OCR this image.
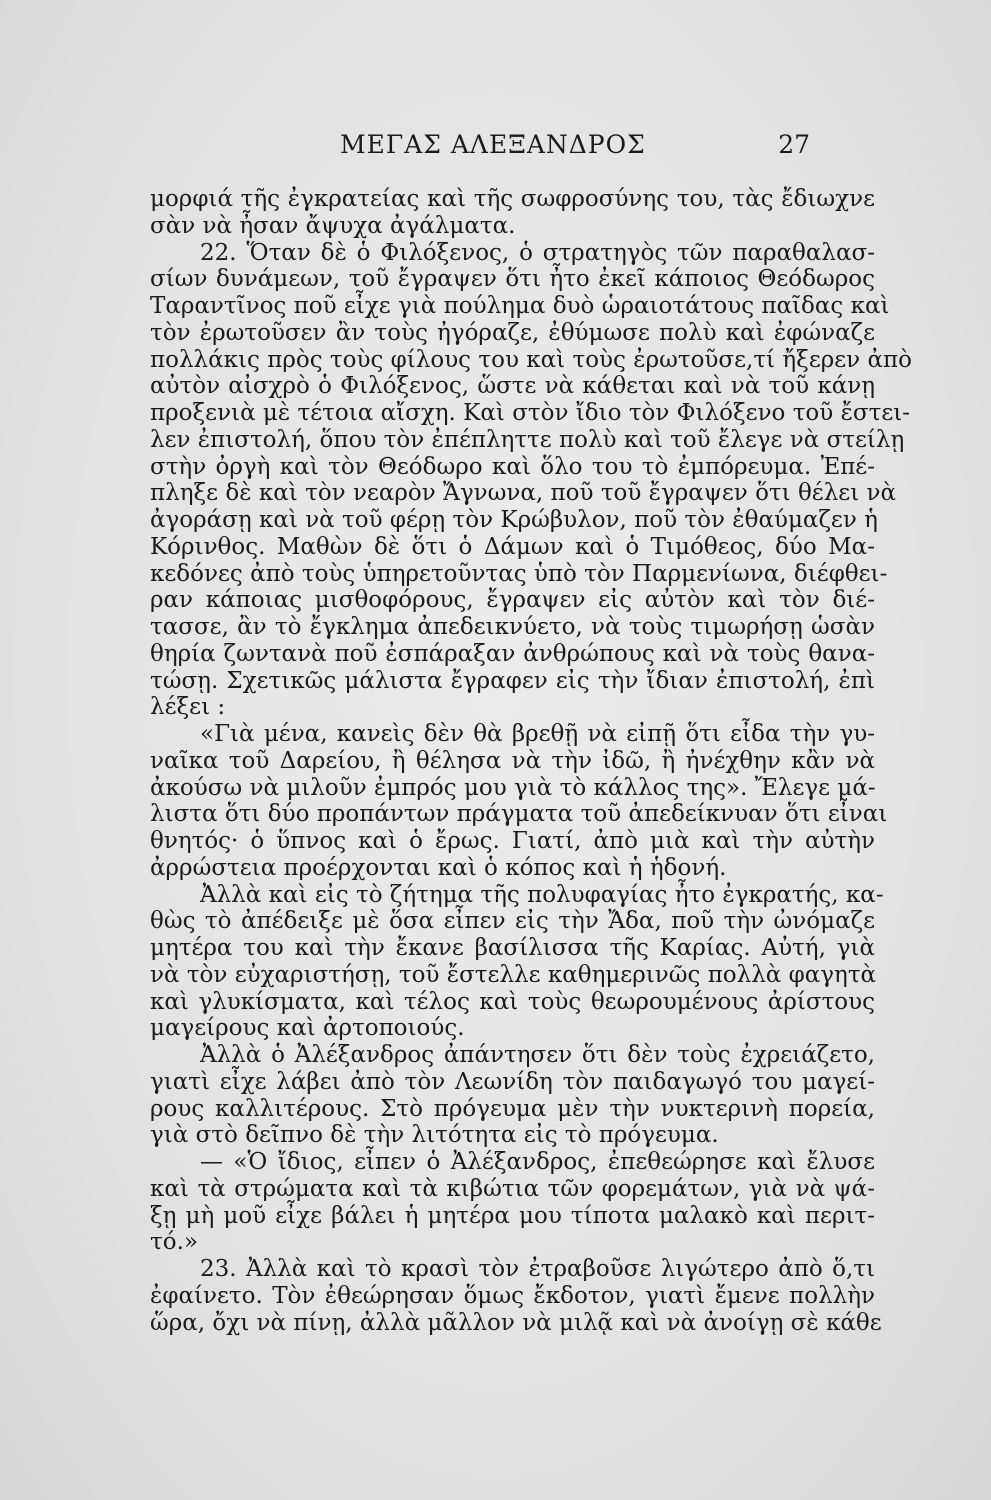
ΜΕΓΑΣ ΑΛΕΞΑΝΔΡΟΣ	27
μορφιά τῆς ἐγκρατείας καὶ τῆς σωφροσύνης του, τὰς ἔδιωχνε
σὰν νὰ ἦσαν ἄψυχα ἀγάλματα.
22. Ὅταν δὲ ὁ Φιλόξενος, ὁ στρατηγὸς τῶν παραθαλασ-
σίων δυνάμεων, τοῦ ἔγραψεν ὅτι ἦτο ἐκεῖ κάποιος Θεόδωρος
Ταραντῖνος ποῦ εἶχε γιὰ πούλημα δυὸ ὡραιοτάτους παῖδας καὶ
τὸν ἐρωτοῦσεν ἂν τοὺς ἠγόραζε, ἐθύμωσε πολὺ καὶ ἐφώναζε
πολλάκις πρὸς τοὺς φίλους του καὶ τοὺς ἐρωτοῦσε,τί ἤξερεν ἀπὸ
αὐτὸν αἰσχρὸ ὁ Φιλόξενος, ὥστε νὰ κάθεται καὶ νὰ τοῦ κάνῃ
προξενιὰ μὲ τέτοια αἴσχη. Καὶ στὸν ἴδιο τὸν Φιλόξενο τοῦ ἔστει-
λεν ἐπιστολή, ὅπου τὸν ἐπέπληττε πολὺ καὶ τοῦ ἔλεγε νὰ στείλῃ
στὴν ὀργὴ καὶ τὸν Θεόδωρο καὶ ὅλο του τὸ ἐμπόρευμα. Ἐπέ-
πληξε δὲ καὶ τὸν νεαρὸν Ἄγνωνα, ποῦ τοῦ ἔγραψεν ὅτι θέλει νὰ
ἀγοράσῃ καὶ νὰ τοῦ φέρῃ τὸν Κρώβυλον, ποῦ τὸν ἐθαύμαζεν ἡ
Κόρινθος. Μαθὼν δὲ ὅτι ὁ Δάμων καὶ ὁ Τιμόθεος, δύο Μα-
κεδόνες ἀπὸ τοὺς ὑπηρετοῦντας ὑπὸ τὸν Παρμενίωνα, διέφθει-
ραν κάποιας μισθοφόρους, ἔγραψεν εἰς αὐτὸν καὶ τὸν διέ-
τασσε, ἂν τὸ ἔγκλημα ἀπεδεικνύετο, νὰ τοὺς τιμωρήσῃ ὡσὰν
θηρία ζωντανὰ ποῦ ἐσπάραξαν ἀνθρώπους καὶ νὰ τοὺς θανα-
τώσῃ. Σχετικῶς μάλιστα ἔγραφεν εἰς τὴν ἴδιαν ἐπιστολή, ἐπὶ
λέξει :
«Γιὰ μένα, κανεὶς δὲν θὰ βρεθῇ νὰ εἰπῇ ὅτι εἶδα τὴν γυ-
ναῖκα τοῦ Δαρείου, ἢ θέλησα νὰ τὴν ἰδῶ, ἢ ἠνέχθην κἂν νὰ
ἀκούσω νὰ μιλοῦν ἐμπρός μου γιὰ τὸ κάλλος της». Ἔλεγε μά-
λιστα ὅτι δύο προπάντων πράγματα τοῦ ἀπεδείκνυαν ὅτι εἶναι
θνητός· ὁ ὕπνος καὶ ὁ ἔρως. Γιατί, ἀπὸ μιὰ καὶ τὴν αὐτὴν
ἀρρώστεια προέρχονται καὶ ὁ κόπος καὶ ἡ ἡδονή.
Ἀλλὰ καὶ εἰς τὸ ζήτημα τῆς πολυφαγίας ἦτο ἐγκρατής, κα-
θὼς τὸ ἀπέδειξε μὲ ὅσα εἶπεν εἰς τὴν Ἄδα, ποῦ τὴν ὠνόμαζε
μητέρα του καὶ τὴν ἔκανε βασίλισσα τῆς Καρίας. Αὐτή, γιὰ
νὰ τὸν εὐχαριστήσῃ, τοῦ ἔστελλε καθημερινῶς πολλὰ φαγητὰ
καὶ γλυκίσματα, καὶ τέλος καὶ τοὺς θεωρουμένους ἀρίστους
μαγείρους καὶ ἀρτοποιούς.
Ἀλλὰ ὁ Ἀλέξανδρος ἀπάντησεν ὅτι δὲν τοὺς ἐχρειάζετο,
γιατὶ εἶχε λάβει ἀπὸ τὸν Λεωνίδη τὸν παιδαγωγό του μαγεί-
ρους καλλιτέρους. Στὸ πρόγευμα μὲν τὴν νυκτερινὴ πορεία,
γιὰ στὸ δεῖπνο δὲ τὴν λιτότητα εἰς τὸ πρόγευμα.
— «Ὁ ἴδιος, εἶπεν ὁ Ἀλέξανδρος, ἐπεθεώρησε καὶ ἔλυσε
καὶ τὰ στρώματα καὶ τὰ κιβώτια τῶν φορεμάτων, γιὰ νὰ ψά-
ξῃ μὴ μοῦ εἶχε βάλει ἡ μητέρα μου τίποτα μαλακὸ καὶ περιτ-
τό.»
23. Ἀλλὰ καὶ τὸ κρασὶ τὸν ἐτραβοῦσε λιγώτερο ἀπὸ ὅ,τι
ἐφαίνετο. Τὸν ἐθεώρησαν ὅμως ἔκδοτον, γιατὶ ἔμενε πολλὴν
ὥρα, ὄχι νὰ πίνῃ, ἀλλὰ μᾶλλον νὰ μιλᾷ καὶ νὰ ἀνοίγῃ σὲ κάθε
